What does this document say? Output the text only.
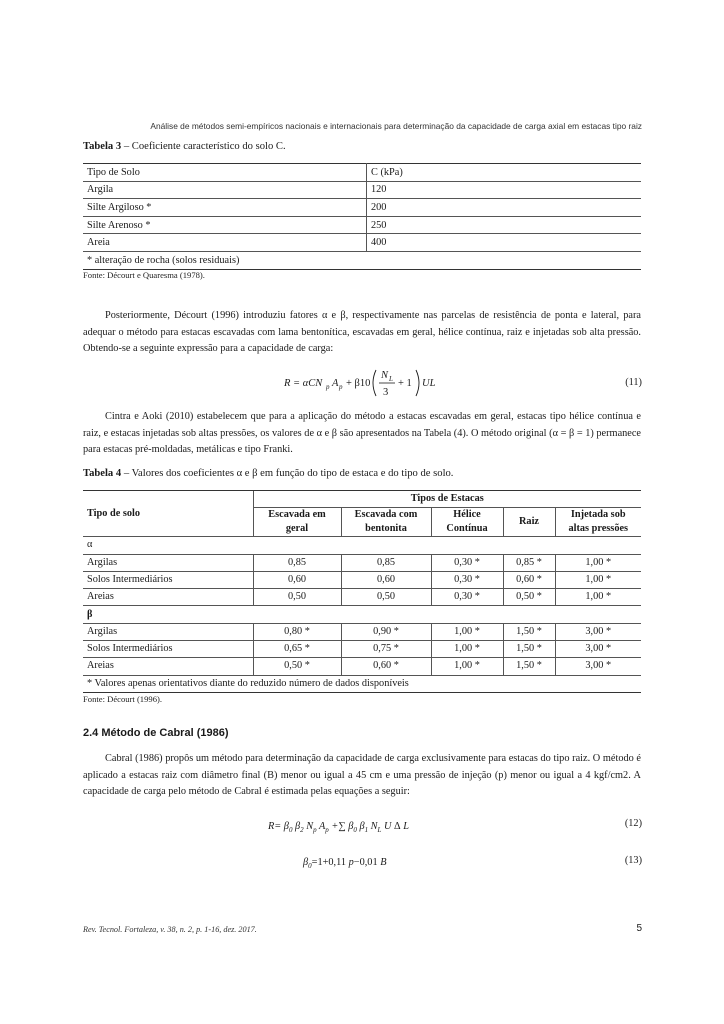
Análise de métodos semi-empíricos nacionais e internacionais para determinação da capacidade de carga axial em estacas tipo raiz
Tabela 3 – Coeficiente característico do solo C.
Tipo de Solo	C (kPa)
Argila	120
Silte Argiloso *	200
Silte Arenoso *	250
Areia	400
* alteração de rocha (solos residuais)	
Fonte: Décourt e Quaresma (1978).

Posteriormente, Décourt (1996) introduziu fatores α e β, respectivamente nas parcelas de resistência de ponta e lateral, para adequar o método para estacas escavadas com lama bentonítica, escavadas em geral, hélice contínua, raiz e injetadas sob alta pressão. Obtendo-se a seguinte expressão para a capacidade de carga:

R = αCN p A p + β10
N L
3
+ 1 UL	(11)

Cintra e Aoki (2010) estabelecem que para a aplicação do método a estacas escavadas em geral, estacas tipo hélice contínua e raiz, e estacas injetadas sob altas pressões, os valores de α e β são apresentados na Tabela (4). O método original (α = β = 1) permanece para estacas pré-moldadas, metálicas e tipo Franki.

Tabela 4 – Valores dos coeficientes α e β em função do tipo de estaca e do tipo de solo.
Tipo de solo	Tipos de Estacas				
	Escavada em geral	Escavada com bentonita	Hélice Contínua	Raiz	Injetada sob altas pressões
α					
Argilas	0,85	0,85	0,30 *	0,85 *	1,00 *
Solos Intermediários	0,60	0,60	0,30 *	0,60 *	1,00 *
Areias	0,50	0,50	0,30 *	0,50 *	1,00 *
β					
Argilas	0,80 *	0,90 *	1,00 *	1,50 *	3,00 *
Solos Intermediários	0,65 *	0,75 *	1,00 *	1,50 *	3,00 *
Areias	0,50 *	0,60 *	1,00 *	1,50 *	3,00 *
* Valores apenas orientativos diante do reduzido número de dados disponíveis					
Fonte: Décourt (1996).
2.4 Método de Cabral (1986)

Cabral (1986) propôs um método para determinação da capacidade de carga exclusivamente para estacas do tipo raiz. O método é aplicado a estacas raiz com diâmetro final (B) menor ou igual a 45 cm e uma pressão de injeção (p) menor ou igual a 4 kgf/cm2. A capacidade de carga pelo método de Cabral é estimada pelas equações a seguir:

$R= \beta_0$ $\beta_2$ $N_p$ $A_p$ +∑ $\beta_0$ $\beta_1$ $N_L$ U Δ L	(12)
$\beta_0=1+0,11$ p−0,01 B	(13)
Rev. Tecnol. Fortaleza, v. 38, n. 2, p. 1-16, dez. 2017.	5
